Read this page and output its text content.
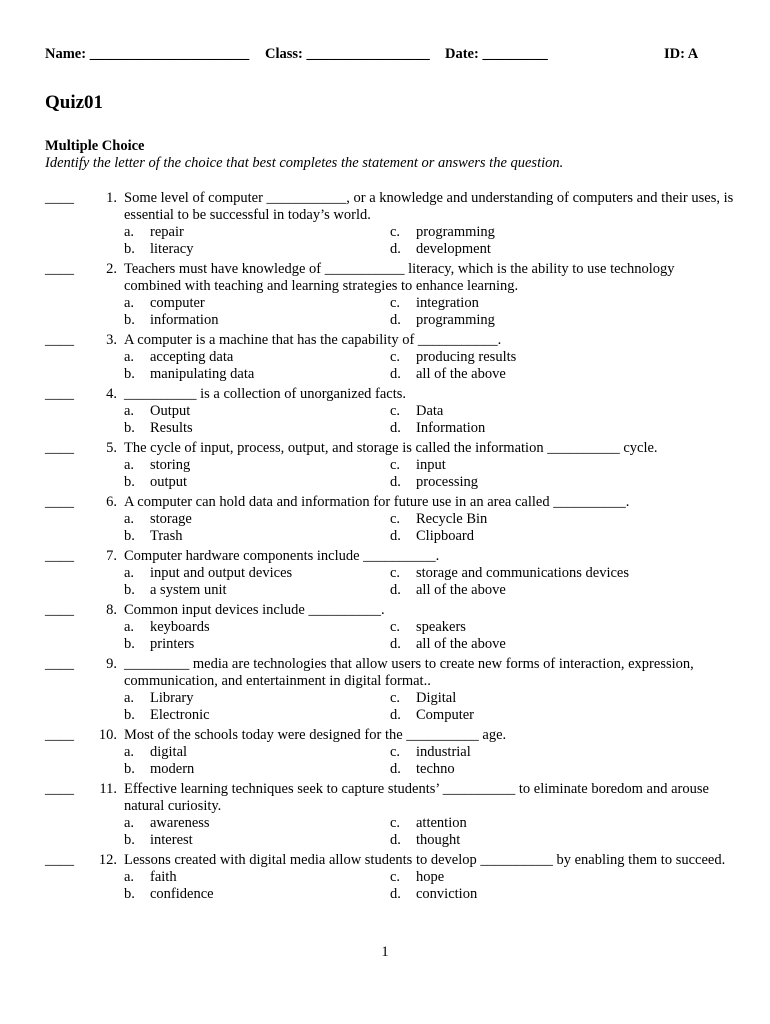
Name: ______________________ Class: _________________ Date: _________	ID: A
Quiz01
Multiple Choice
Identify the letter of the choice that best completes the statement or answers the question.
____	1. Some level of computer ___________, or a knowledge and understanding of computers and their uses, is essential to be successful in today’s world.
a.	repair	c.	programming
b.	literacy	d.	development
____	2. Teachers must have knowledge of ___________ literacy, which is the ability to use technology combined with teaching and learning strategies to enhance learning.
a.	computer	c.	integration
b.	information	d.	programming
____	3. A computer is a machine that has the capability of ___________.
a.	accepting data	c.	producing results
b.	manipulating data	d.	all of the above
____	4. __________ is a collection of unorganized facts.
a.	Output	c.	Data
b.	Results	d.	Information
____	5. The cycle of input, process, output, and storage is called the information __________ cycle.
a.	storing	c.	input
b.	output	d.	processing
____	6. A computer can hold data and information for future use in an area called __________.
a.	storage	c.	Recycle Bin
b.	Trash	d.	Clipboard
____	7. Computer hardware components include __________.
a.	input and output devices	c.	storage and communications devices
b.	a system unit	d.	all of the above
____	8. Common input devices include __________.
a.	keyboards	c.	speakers
b.	printers	d.	all of the above
____	9. _________ media are technologies that allow users to create new forms of interaction, expression, communication, and entertainment in digital format..
a.	Library	c.	Digital
b.	Electronic	d.	Computer
____	10. Most of the schools today were designed for the __________ age.
a.	digital	c.	industrial
b.	modern	d.	techno
____	11. Effective learning techniques seek to capture students’ __________ to eliminate boredom and arouse natural curiosity.
a.	awareness	c.	attention
b.	interest	d.	thought
____	12. Lessons created with digital media allow students to develop __________ by enabling them to succeed.
a.	faith	c.	hope
b.	confidence	d.	conviction
1
